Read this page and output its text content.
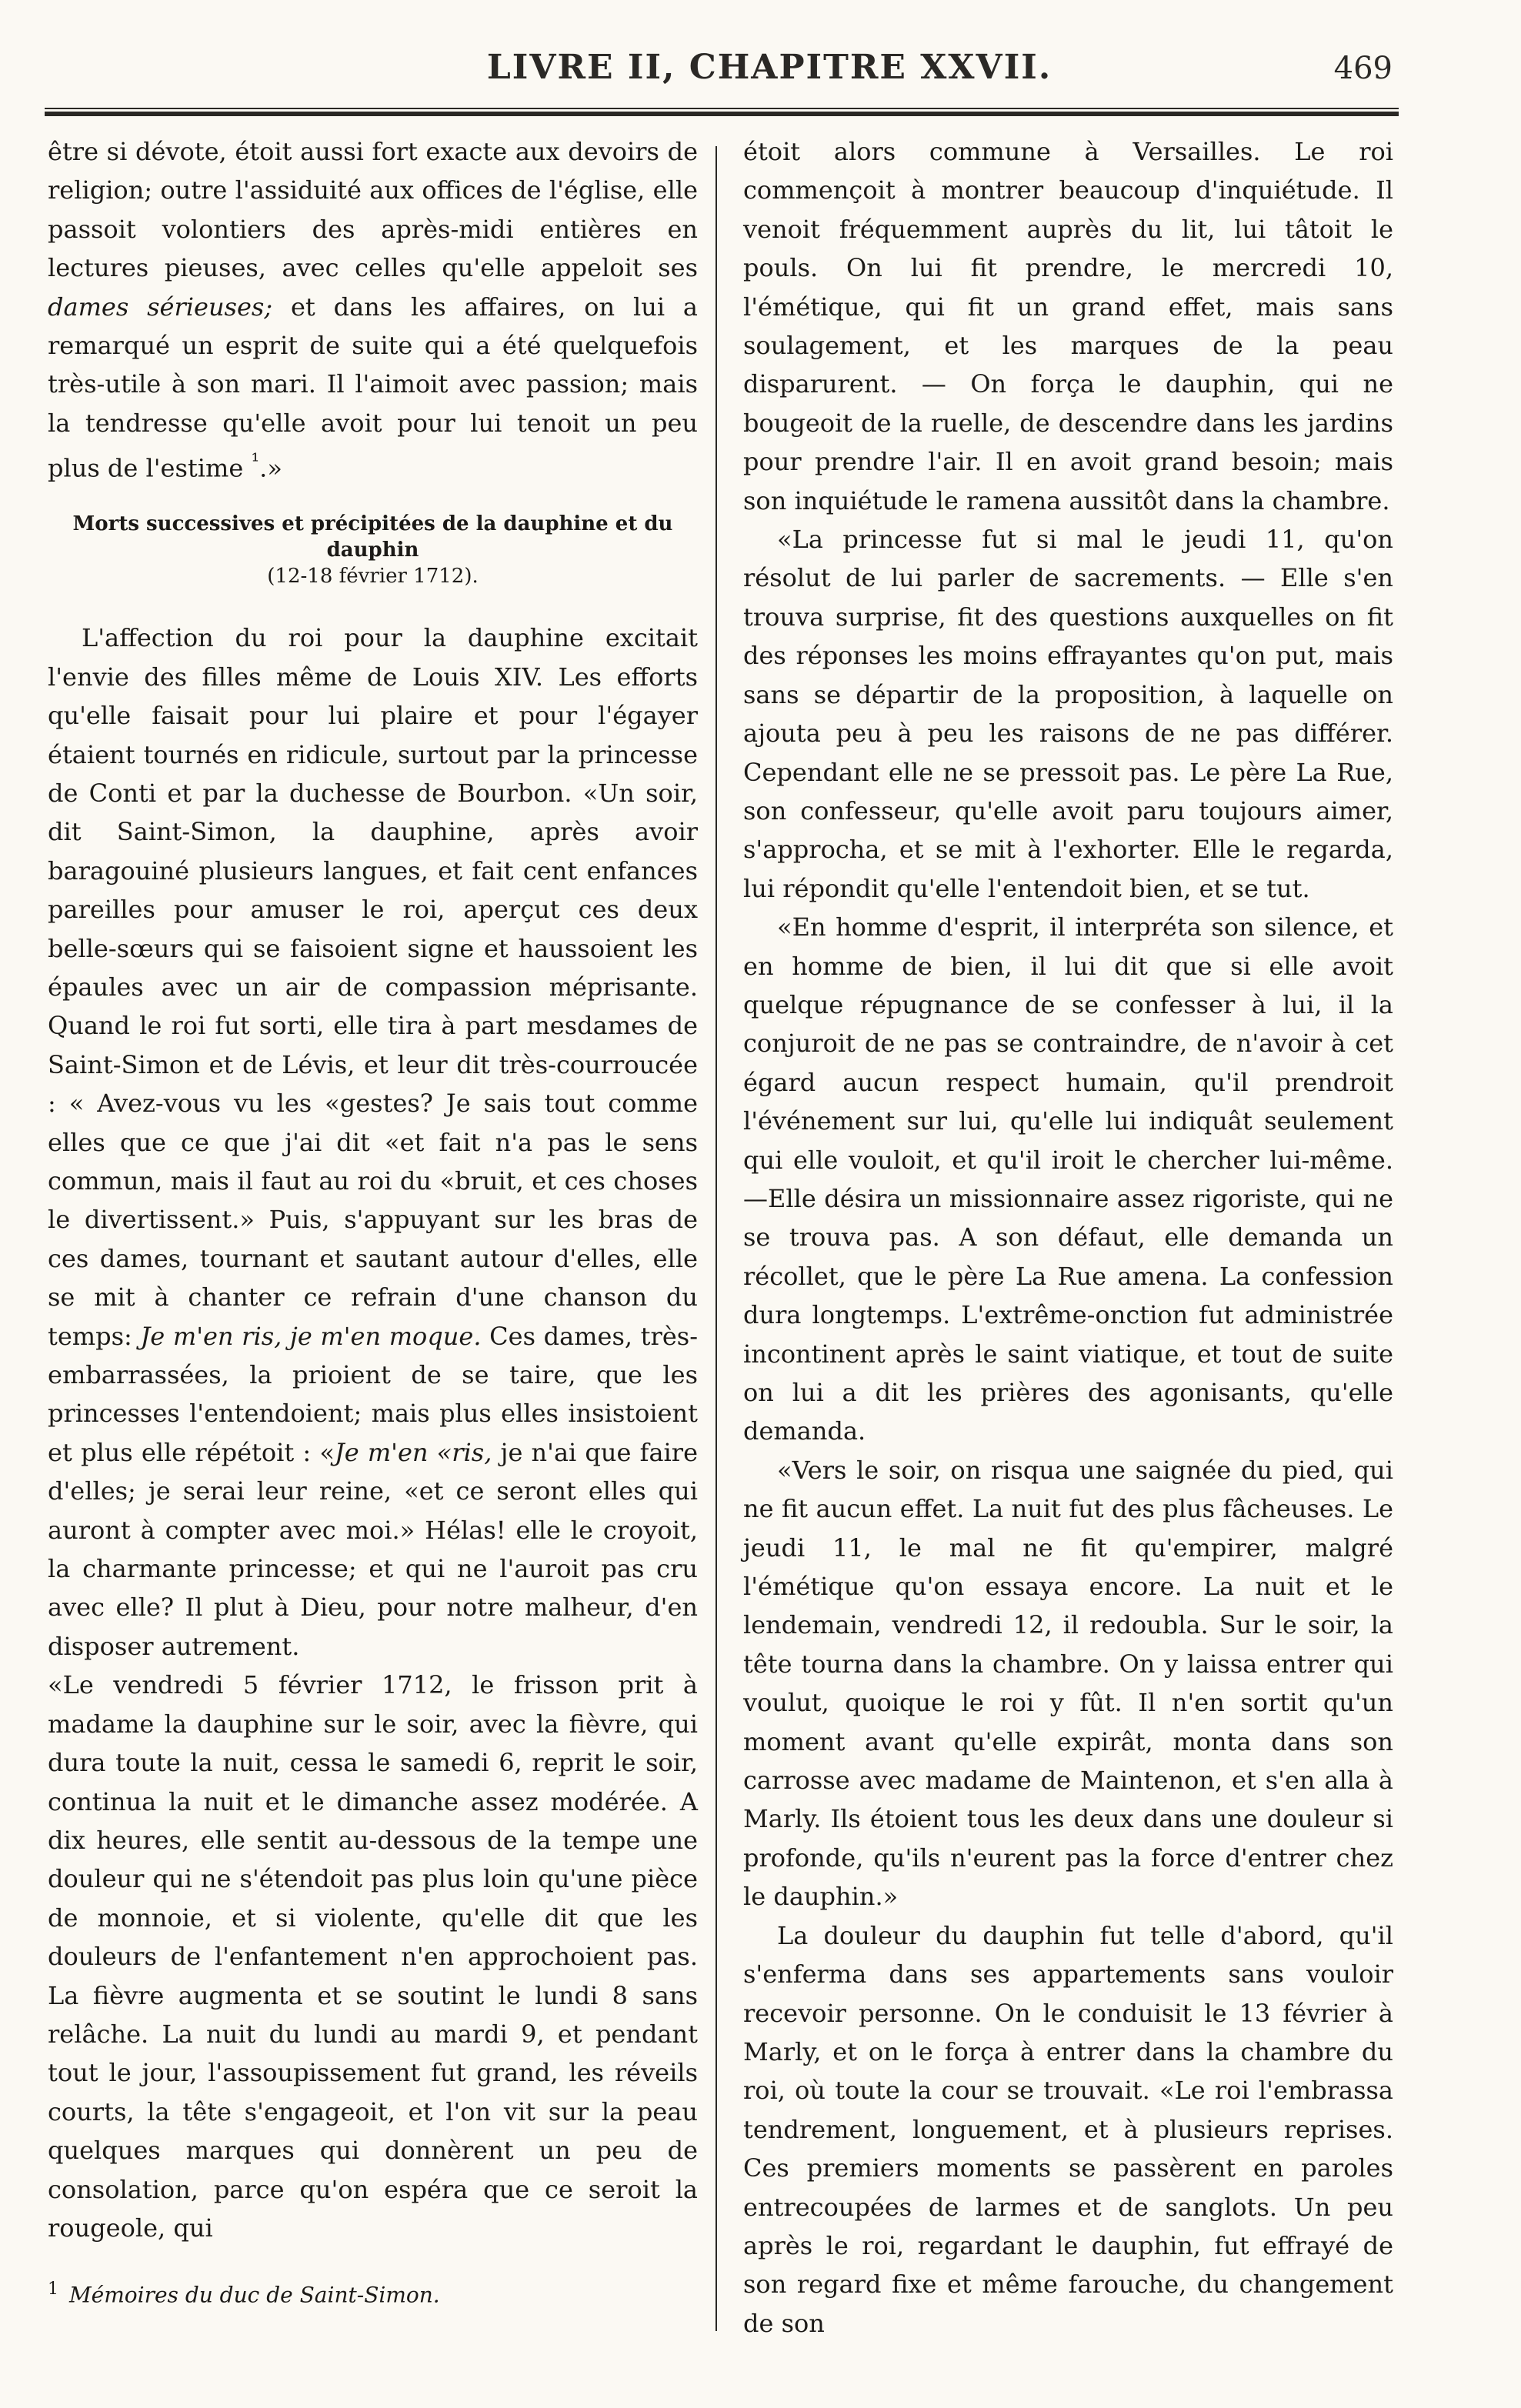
LIVRE II, CHAPITRE XXVII.	469

être si dévote, étoit aussi fort exacte aux devoirs de religion; outre l'assiduité aux offices de l'église, elle passoit volontiers des après-midi entières en lectures pieuses, avec celles qu'elle appeloit ses dames sérieuses; et dans les affaires, on lui a remarqué un esprit de suite qui a été quelquefois très-utile à son mari. Il l'aimoit avec passion; mais la tendresse qu'elle avoit pour lui tenoit un peu plus de l'estime $^{^1}$.»

Morts successives et précipitées de la dauphine et du dauphin
(12-18 février 1712).

L'affection du roi pour la dauphine excitait l'envie des filles même de Louis XIV. Les efforts qu'elle faisait pour lui plaire et pour l'égayer étaient tournés en ridicule, surtout par la princesse de Conti et par la duchesse de Bourbon. «Un soir, dit Saint-Simon, la dauphine, après avoir baragouiné plusieurs langues, et fait cent enfances pareilles pour amuser le roi, aperçut ces deux belle-sœurs qui se faisoient signe et haussoient les épaules avec un air de compassion méprisante. Quand le roi fut sorti, elle tira à part mesdames de Saint-Simon et de Lévis, et leur dit très-courroucée : « Avez-vous vu les «gestes? Je sais tout comme elles que ce que j'ai dit «et fait n'a pas le sens commun, mais il faut au roi du «bruit, et ces choses le divertissent.» Puis, s'appuyant sur les bras de ces dames, tournant et sautant autour d'elles, elle se mit à chanter ce refrain d'une chanson du temps: Je m'en ris, je m'en moque. Ces dames, très-embarrassées, la prioient de se taire, que les princesses l'entendoient; mais plus elles insistoient et plus elle répétoit : «Je m'en «ris, je n'ai que faire d'elles; je serai leur reine, «et ce seront elles qui auront à compter avec moi.» Hélas! elle le croyoit, la charmante princesse; et qui ne l'auroit pas cru avec elle? Il plut à Dieu, pour notre malheur, d'en disposer autrement.

«Le vendredi 5 février 1712, le frisson prit à madame la dauphine sur le soir, avec la fièvre, qui dura toute la nuit, cessa le samedi 6, reprit le soir, continua la nuit et le dimanche assez modérée. A dix heures, elle sentit au-dessous de la tempe une douleur qui ne s'étendoit pas plus loin qu'une pièce de monnoie, et si violente, qu'elle dit que les douleurs de l'enfantement n'en approchoient pas. La fièvre augmenta et se soutint le lundi 8 sans relâche. La nuit du lundi au mardi 9, et pendant tout le jour, l'assoupissement fut grand, les réveils courts, la tête s'engageoit, et l'on vit sur la peau quelques marques qui donnèrent un peu de consolation, parce qu'on espéra que ce seroit la rougeole, qui

étoit alors commune à Versailles. Le roi commençoit à montrer beaucoup d'inquiétude. Il venoit fréquemment auprès du lit, lui tâtoit le pouls. On lui fit prendre, le mercredi 10, l'émétique, qui fit un grand effet, mais sans soulagement, et les marques de la peau disparurent. — On força le dauphin, qui ne bougeoit de la ruelle, de descendre dans les jardins pour prendre l'air. Il en avoit grand besoin; mais son inquiétude le ramena aussitôt dans la chambre.

«La princesse fut si mal le jeudi 11, qu'on résolut de lui parler de sacrements. — Elle s'en trouva surprise, fit des questions auxquelles on fit des réponses les moins effrayantes qu'on put, mais sans se départir de la proposition, à laquelle on ajouta peu à peu les raisons de ne pas différer. Cependant elle ne se pressoit pas. Le père La Rue, son confesseur, qu'elle avoit paru toujours aimer, s'approcha, et se mit à l'exhorter. Elle le regarda, lui répondit qu'elle l'entendoit bien, et se tut.

«En homme d'esprit, il interpréta son silence, et en homme de bien, il lui dit que si elle avoit quelque répugnance de se confesser à lui, il la conjuroit de ne pas se contraindre, de n'avoir à cet égard aucun respect humain, qu'il prendroit l'événement sur lui, qu'elle lui indiquât seulement qui elle vouloit, et qu'il iroit le chercher lui-même.—Elle désira un missionnaire assez rigoriste, qui ne se trouva pas. A son défaut, elle demanda un récollet, que le père La Rue amena. La confession dura longtemps. L'extrême-onction fut administrée incontinent après le saint viatique, et tout de suite on lui a dit les prières des agonisants, qu'elle demanda.

«Vers le soir, on risqua une saignée du pied, qui ne fit aucun effet. La nuit fut des plus fâcheuses. Le jeudi 11, le mal ne fit qu'empirer, malgré l'émétique qu'on essaya encore. La nuit et le lendemain, vendredi 12, il redoubla. Sur le soir, la tête tourna dans la chambre. On y laissa entrer qui voulut, quoique le roi y fût. Il n'en sortit qu'un moment avant qu'elle expirât, monta dans son carrosse avec madame de Maintenon, et s'en alla à Marly. Ils étoient tous les deux dans une douleur si profonde, qu'ils n'eurent pas la force d'entrer chez le dauphin.»

La douleur du dauphin fut telle d'abord, qu'il s'enferma dans ses appartements sans vouloir recevoir personne. On le conduisit le 13 février à Marly, et on le força à entrer dans la chambre du roi, où toute la cour se trouvait. «Le roi l'embrassa tendrement, longuement, et à plusieurs reprises. Ces premiers moments se passèrent en paroles entrecoupées de larmes et de sanglots. Un peu après le roi, regardant le dauphin, fut effrayé de son regard fixe et même farouche, du changement de son

$^1$ Mémoires du duc de Saint-Simon.
